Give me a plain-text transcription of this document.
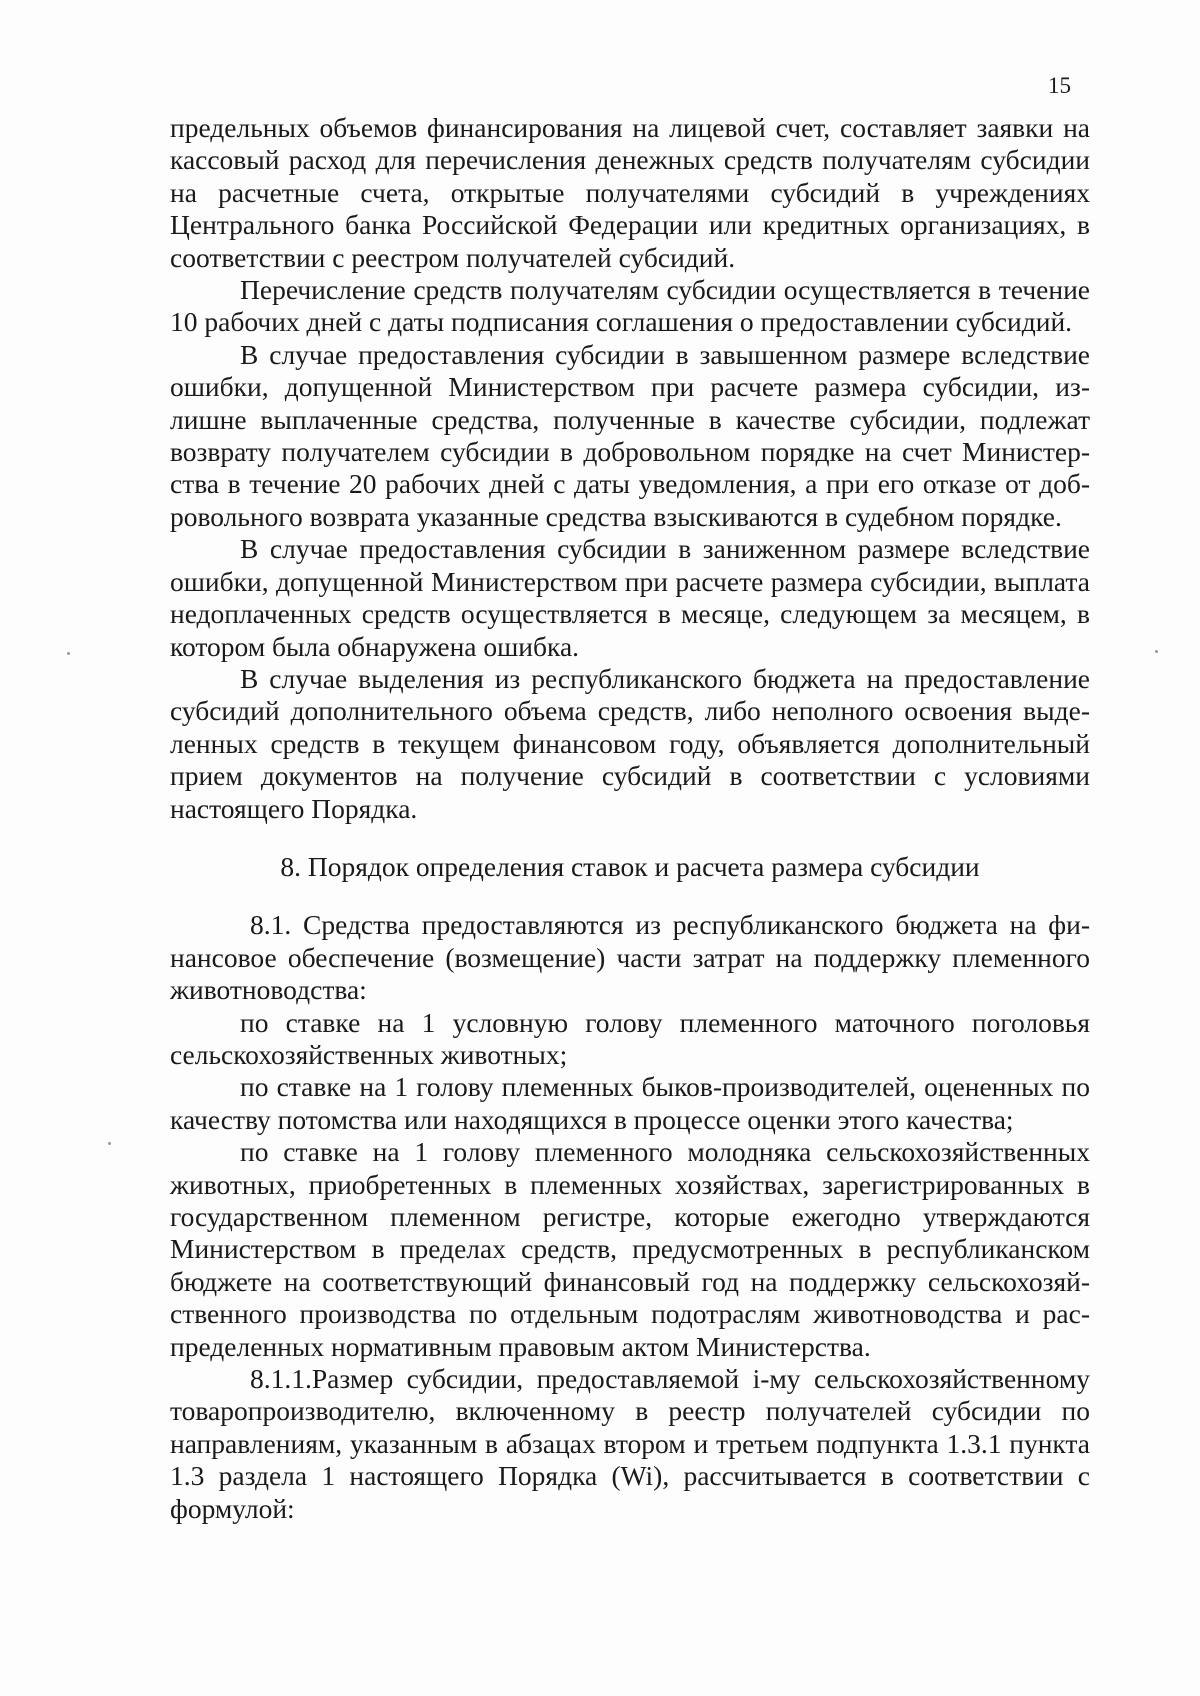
15

предельных объемов финансирования на лицевой счет, составляет заявки на кассовый расход для перечисления денежных средств получателям субсидии на расчетные счета, открытые получателями субсидий в учреждениях Центрального банка Российской Федерации или кредитных организациях, в соответствии с реестром получателей субсидий.

Перечисление средств получателям субсидии осуществляется в течение 10 рабочих дней с даты подписания соглашения о предоставлении субсидий.

В случае предоставления субсидии в завышенном размере вследствие ошибки, допущенной Министерством при расчете размера субсидии, излишне выплаченные средства, полученные в качестве субсидии, подлежат возврату получателем субсидии в добровольном порядке на счет Министерства в течение 20 рабочих дней с даты уведомления, а при его отказе от добровольного возврата указанные средства взыскиваются в судебном порядке.

В случае предоставления субсидии в заниженном размере вследствие ошибки, допущенной Министерством при расчете размера субсидии, выплата недоплаченных средств осуществляется в месяце, следующем за месяцем, в котором была обнаружена ошибка.

В случае выделения из республиканского бюджета на предоставление субсидий дополнительного объема средств, либо неполного освоения выделенных средств в текущем финансовом году, объявляется дополнительный прием документов на получение субсидий в соответствии с условиями настоящего Порядка.

8. Порядок определения ставок и расчета размера субсидии

8.1. Средства предоставляются из республиканского бюджета на финансовое обеспечение (возмещение) части затрат на поддержку племенного животноводства:

по ставке на 1 условную голову племенного маточного поголовья сельскохозяйственных животных;

по ставке на 1 голову племенных быков-производителей, оцененных по качеству потомства или находящихся в процессе оценки этого качества;

по ставке на 1 голову племенного молодняка сельскохозяйственных животных, приобретенных в племенных хозяйствах, зарегистрированных в государственном племенном регистре, которые ежегодно утверждаются Министерством в пределах средств, предусмотренных в республиканском бюджете на соответствующий финансовый год на поддержку сельскохозяйственного производства по отдельным подотраслям животноводства и распределенных нормативным правовым актом Министерства.

8.1.1.Размер субсидии, предоставляемой i-му сельскохозяйственному товаропроизводителю, включенному в реестр получателей субсидии по направлениям, указанным в абзацах втором и третьем подпункта 1.3.1 пункта 1.3 раздела 1 настоящего Порядка (Wi), рассчитывается в соответствии с формулой:
